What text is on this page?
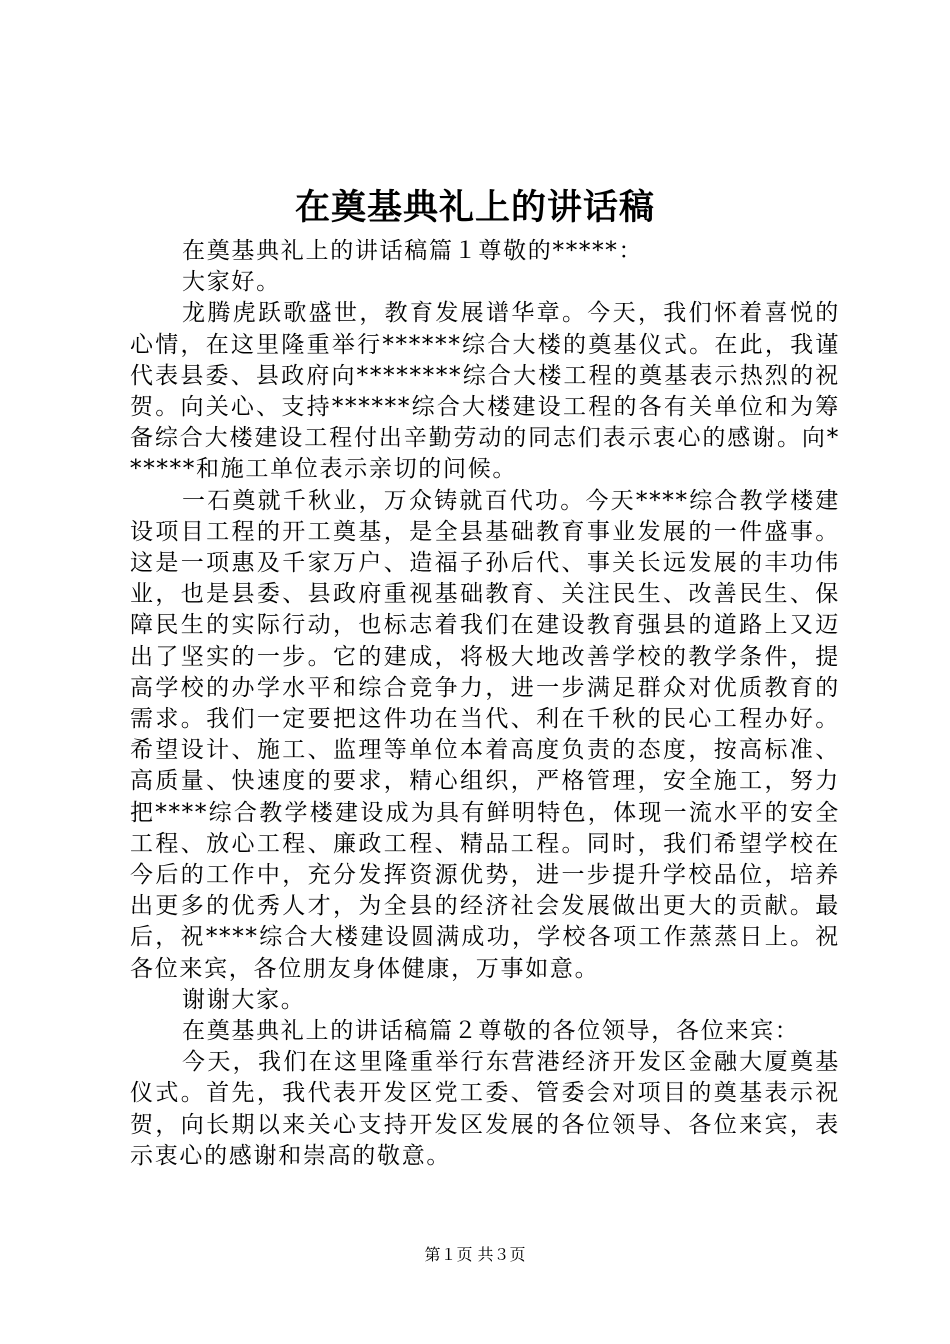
在奠基典礼上的讲话稿

在奠基典礼上的讲话稿篇１尊敬的*****：

大家好。

龙腾虎跃歌盛世，教育发展谱华章。今天，我们怀着喜悦的心情，在这里隆重举行******综合大楼的奠基仪式。在此，我谨代表县委、县政府向********综合大楼工程的奠基表示热烈的祝贺。向关心、支持******综合大楼建设工程的各有关单位和为筹备综合大楼建设工程付出辛勤劳动的同志们表示衷心的感谢。向******和施工单位表示亲切的问候。

一石奠就千秋业，万众铸就百代功。今天****综合教学楼建设项目工程的开工奠基，是全县基础教育事业发展的一件盛事。这是一项惠及千家万户、造福子孙后代、事关长远发展的丰功伟业，也是县委、县政府重视基础教育、关注民生、改善民生、保障民生的实际行动，也标志着我们在建设教育强县的道路上又迈出了坚实的一步。它的建成，将极大地改善学校的教学条件，提高学校的办学水平和综合竞争力，进一步满足群众对优质教育的需求。我们一定要把这件功在当代、利在千秋的民心工程办好。希望设计、施工、监理等单位本着高度负责的态度，按高标准、高质量、快速度的要求，精心组织，严格管理，安全施工，努力把****综合教学楼建设成为具有鲜明特色，体现一流水平的安全工程、放心工程、廉政工程、精品工程。同时，我们希望学校在今后的工作中，充分发挥资源优势，进一步提升学校品位，培养出更多的优秀人才，为全县的经济社会发展做出更大的贡献。最后，祝****综合大楼建设圆满成功，学校各项工作蒸蒸日上。祝各位来宾，各位朋友身体健康，万事如意。

谢谢大家。

在奠基典礼上的讲话稿篇２尊敬的各位领导，各位来宾：

今天，我们在这里隆重举行东营港经济开发区金融大厦奠基仪式。首先，我代表开发区党工委、管委会对项目的奠基表示祝贺，向长期以来关心支持开发区发展的各位领导、各位来宾，表示衷心的感谢和崇高的敬意。

第１页 共３页
